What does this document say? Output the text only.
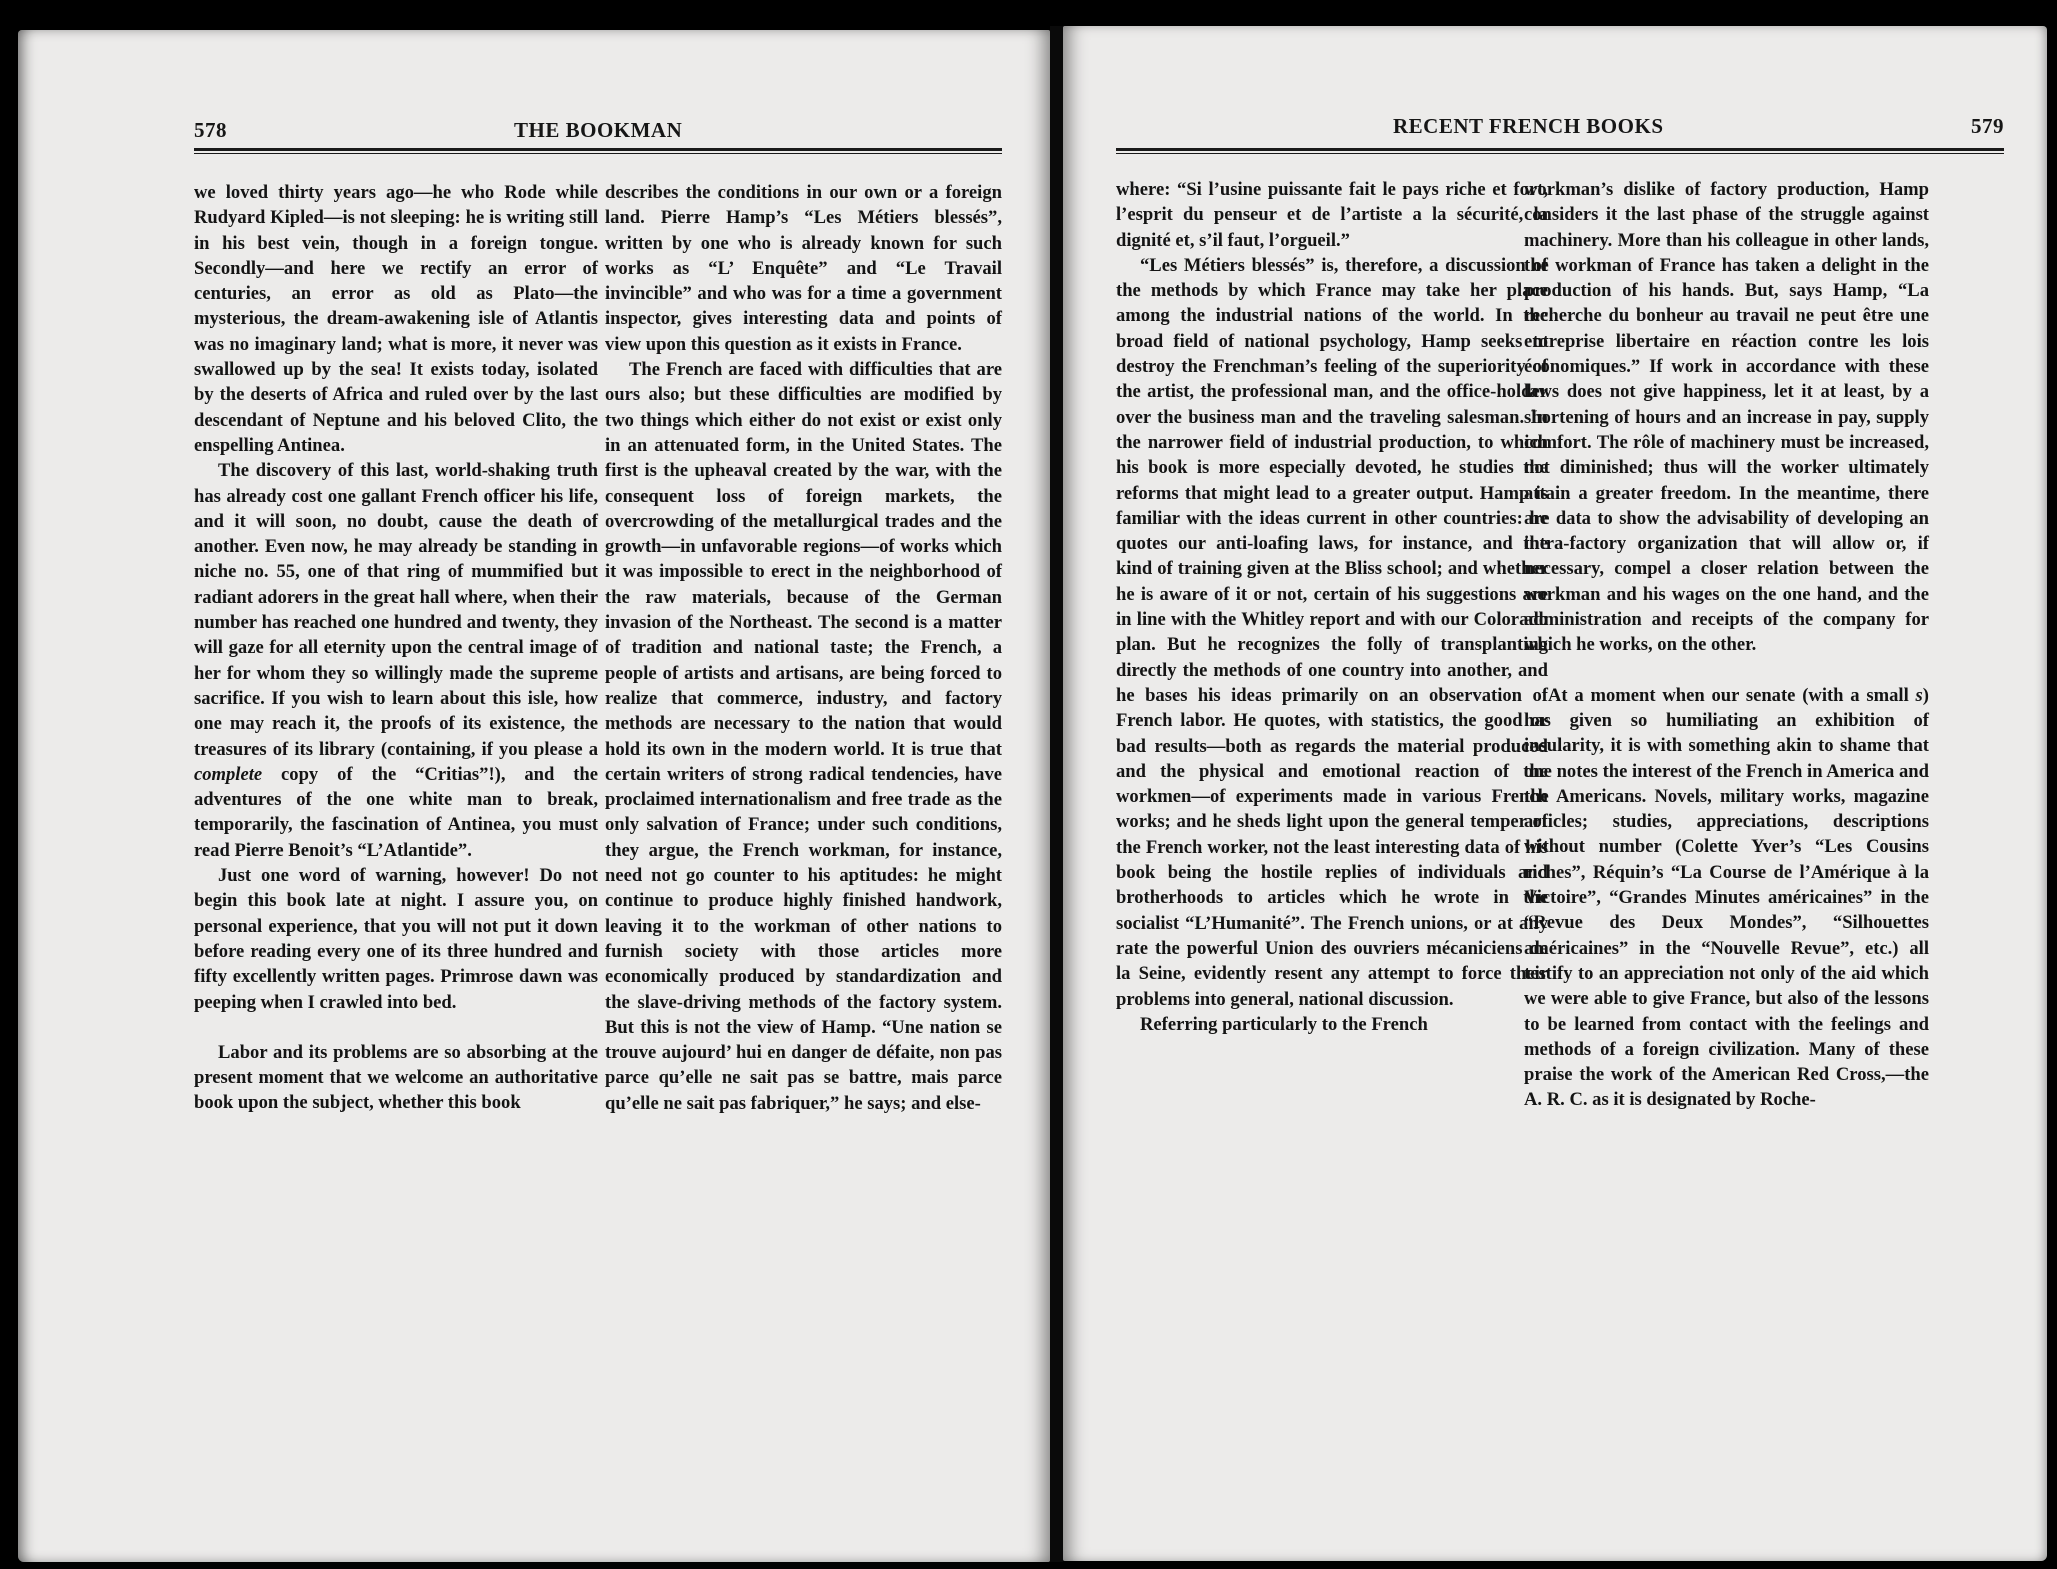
578	THE BOOKMAN

we loved thirty years ago—he who Rode while Rudyard Kipled—is not sleeping: he is writing still in his best vein, though in a foreign tongue. Secondly—and here we rectify an error of centuries, an error as old as Plato—the mysterious, the dream-awakening isle of Atlantis was no imaginary land; what is more, it never was swallowed up by the sea! It exists today, isolated by the deserts of Africa and ruled over by the last descendant of Neptune and his beloved Clito, the enspelling Antinea.

The discovery of this last, world-shaking truth has already cost one gallant French officer his life, and it will soon, no doubt, cause the death of another. Even now, he may already be standing in niche no. 55, one of that ring of mummified but radiant adorers in the great hall where, when their number has reached one hundred and twenty, they will gaze for all eternity upon the central image of her for whom they so willingly made the supreme sacrifice. If you wish to learn about this isle, how one may reach it, the proofs of its existence, the treasures of its library (containing, if you please a complete copy of the “Critias”!), and the adventures of the one white man to break, temporarily, the fascination of Antinea, you must read Pierre Benoit’s “L’Atlantide”.

Just one word of warning, however! Do not begin this book late at night. I assure you, on personal experience, that you will not put it down before reading every one of its three hundred and fifty excellently written pages. Primrose dawn was peeping when I crawled into bed.

Labor and its problems are so absorbing at the present moment that we welcome an authoritative book upon the subject, whether this book

describes the conditions in our own or a foreign land. Pierre Hamp’s “Les Métiers blessés”, written by one who is already known for such works as “L’ Enquête” and “Le Travail invincible” and who was for a time a government inspector, gives interesting data and points of view upon this question as it exists in France.

The French are faced with difficulties that are ours also; but these difficulties are modified by two things which either do not exist or exist only in an attenuated form, in the United States. The first is the upheaval created by the war, with the consequent loss of foreign markets, the overcrowding of the metallurgical trades and the growth—in unfavorable regions—of works which it was impossible to erect in the neighborhood of the raw materials, because of the German invasion of the Northeast. The second is a matter of tradition and national taste; the French, a people of artists and artisans, are being forced to realize that commerce, industry, and factory methods are necessary to the nation that would hold its own in the modern world. It is true that certain writers of strong radical tendencies, have proclaimed internationalism and free trade as the only salvation of France; under such conditions, they argue, the French workman, for instance, need not go counter to his aptitudes: he might continue to produce highly finished handwork, leaving it to the workman of other nations to furnish society with those articles more economically produced by standardization and the slave-driving methods of the factory system. But this is not the view of Hamp. “Une nation se trouve aujourd’ hui en danger de défaite, non pas parce qu’elle ne sait pas se battre, mais parce qu’elle ne sait pas fabriquer,” he says; and else-

RECENT FRENCH BOOKS	579

where: “Si l’usine puissante fait le pays riche et fort, l’esprit du penseur et de l’artiste a la sécurité, la dignité et, s’il faut, l’orgueil.”

“Les Métiers blessés” is, therefore, a discussion of the methods by which France may take her place among the industrial nations of the world. In the broad field of national psychology, Hamp seeks to destroy the Frenchman’s feeling of the superiority of the artist, the professional man, and the office-holder over the business man and the traveling salesman. In the narrower field of industrial production, to which his book is more especially devoted, he studies the reforms that might lead to a greater output. Hamp is familiar with the ideas current in other countries: he quotes our anti-loafing laws, for instance, and the kind of training given at the Bliss school; and whether he is aware of it or not, certain of his suggestions are in line with the Whitley report and with our Colorado plan. But he recognizes the folly of transplanting directly the methods of one country into another, and he bases his ideas primarily on an observation of French labor. He quotes, with statistics, the good or bad results—both as regards the material produced and the physical and emotional reaction of the workmen—of experiments made in various French works; and he sheds light upon the general temper of the French worker, not the least interesting data of his book being the hostile replies of individuals and brotherhoods to articles which he wrote in the socialist “L’Humanité”. The French unions, or at any rate the powerful Union des ouvriers mécaniciens de la Seine, evidently resent any attempt to force their problems into general, national discussion.

Referring particularly to the French

workman’s dislike of factory production, Hamp considers it the last phase of the struggle against machinery. More than his colleague in other lands, the workman of France has taken a delight in the production of his hands. But, says Hamp, “La recherche du bonheur au travail ne peut être une entreprise libertaire en réaction contre les lois économiques.” If work in accordance with these laws does not give happiness, let it at least, by a shortening of hours and an increase in pay, supply comfort. The rôle of machinery must be increased, not diminished; thus will the worker ultimately attain a greater freedom. In the meantime, there are data to show the advisability of developing an intra-factory organization that will allow or, if necessary, compel a closer relation between the workman and his wages on the one hand, and the administration and receipts of the company for which he works, on the other.

At a moment when our senate (with a small s) has given so humiliating an exhibition of insularity, it is with something akin to shame that one notes the interest of the French in America and the Americans. Novels, military works, magazine articles; studies, appreciations, descriptions without number (Colette Yver’s “Les Cousins riches”, Réquin’s “La Course de l’Amérique à la Victoire”, “Grandes Minutes américaines” in the “Revue des Deux Mondes”, “Silhouettes américaines” in the “Nouvelle Revue”, etc.) all testify to an appreciation not only of the aid which we were able to give France, but also of the lessons to be learned from contact with the feelings and methods of a foreign civilization. Many of these praise the work of the American Red Cross,—the A. R. C. as it is designated by Roche-
